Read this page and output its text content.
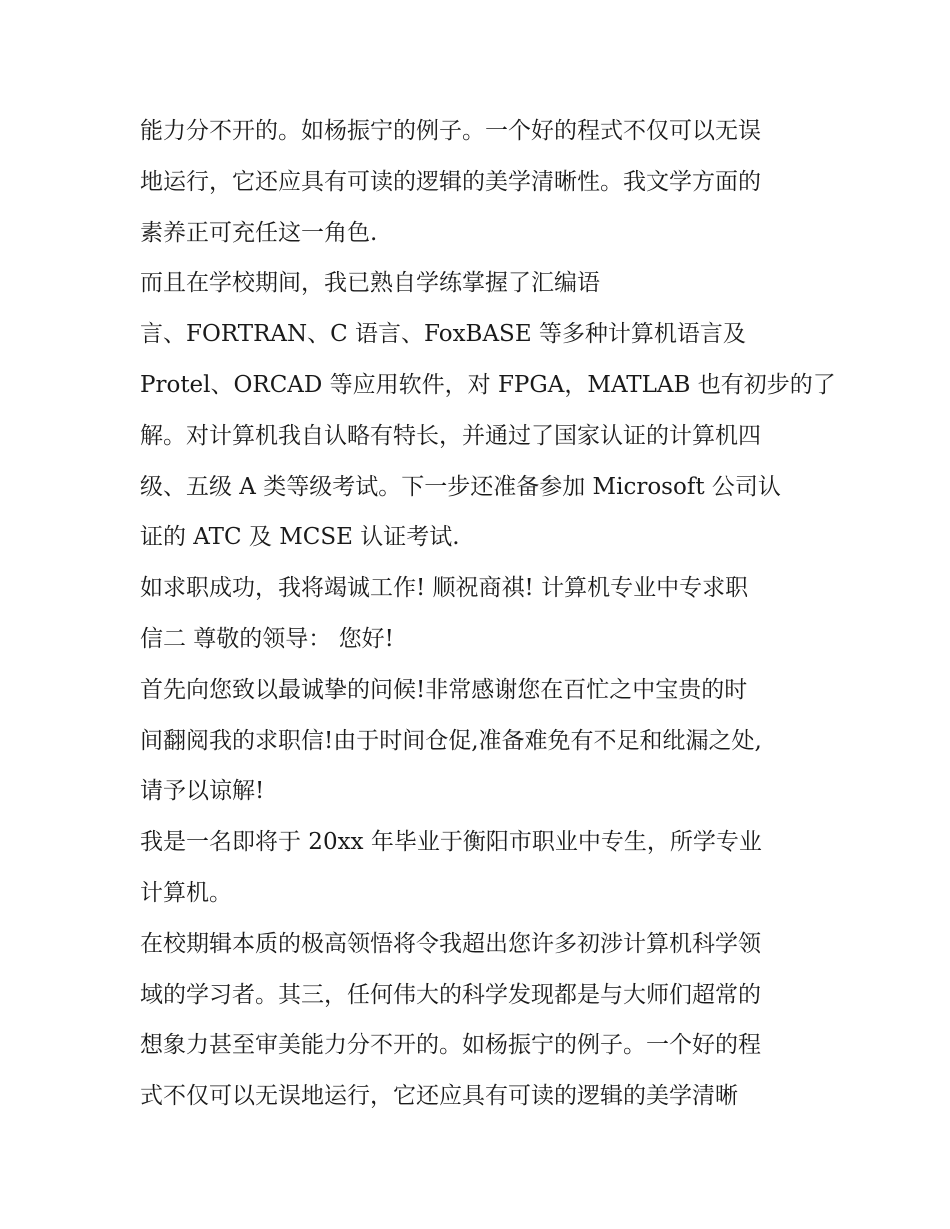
能力分不开的。如杨振宁的例子。一个好的程式不仅可以无误
地运行，它还应具有可读的逻辑的美学清晰性。我文学方面的
素养正可充任这一角色.
而且在学校期间，我已熟自学练掌握了汇编语
言、FORTRAN、C 语言、FoxBASE 等多种计算机语言及
Protel、ORCAD 等应用软件，对 FPGA，MATLAB 也有初步的了
解。对计算机我自认略有特长，并通过了国家认证的计算机四
级、五级 A 类等级考试。下一步还准备参加 Microsoft 公司认
证的 ATC 及 MCSE 认证考试.
如求职成功，我将竭诚工作! 顺祝商祺! 计算机专业中专求职
信二 尊敬的领导： 您好!
首先向您致以最诚挚的问候!非常感谢您在百忙之中宝贵的时
间翻阅我的求职信!由于时间仓促,准备难免有不足和纰漏之处,
请予以谅解!
我是一名即将于 20xx 年毕业于衡阳市职业中专生，所学专业
计算机。
在校期辑本质的极高领悟将令我超出您许多初涉计算机科学领
域的学习者。其三，任何伟大的科学发现都是与大师们超常的
想象力甚至审美能力分不开的。如杨振宁的例子。一个好的程
式不仅可以无误地运行，它还应具有可读的逻辑的美学清晰
